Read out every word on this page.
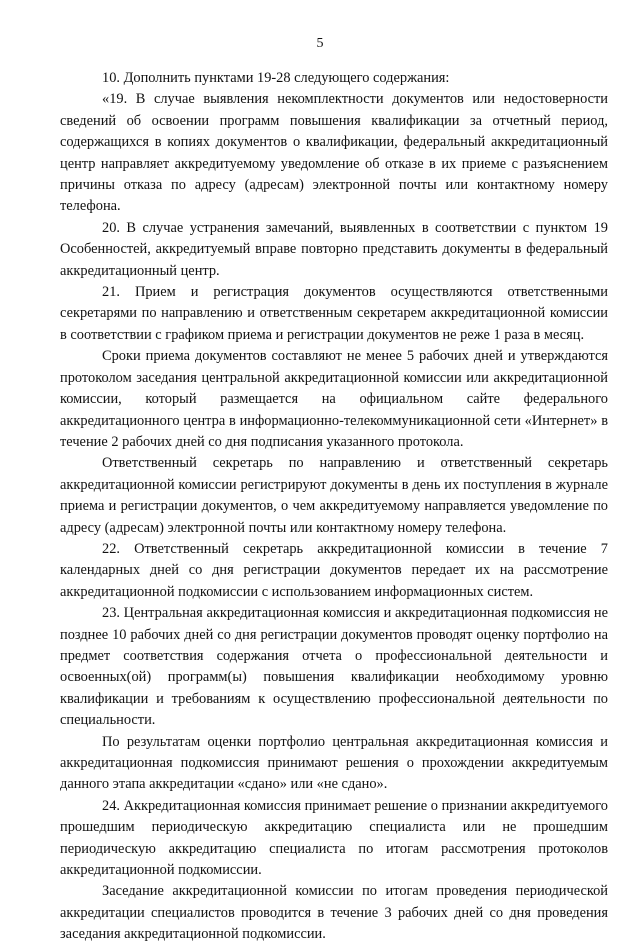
5

10. Дополнить пунктами 19-28 следующего содержания:

«19. В случае выявления некомплектности документов или недостоверности сведений об освоении программ повышения квалификации за отчетный период, содержащихся в копиях документов о квалификации, федеральный аккредитационный центр направляет аккредитуемому уведомление об отказе в их приеме с разъяснением причины отказа по адресу (адресам) электронной почты или контактному номеру телефона.

20. В случае устранения замечаний, выявленных в соответствии с пунктом 19 Особенностей, аккредитуемый вправе повторно представить документы в федеральный аккредитационный центр.

21. Прием и регистрация документов осуществляются ответственными секретарями по направлению и ответственным секретарем аккредитационной комиссии в соответствии с графиком приема и регистрации документов не реже 1 раза в месяц.

Сроки приема документов составляют не менее 5 рабочих дней и утверждаются протоколом заседания центральной аккредитационной комиссии или аккредитационной комиссии, который размещается на официальном сайте федерального аккредитационного центра в информационно-телекоммуникационной сети «Интернет» в течение 2 рабочих дней со дня подписания указанного протокола.

Ответственный секретарь по направлению и ответственный секретарь аккредитационной комиссии регистрируют документы в день их поступления в журнале приема и регистрации документов, о чем аккредитуемому направляется уведомление по адресу (адресам) электронной почты или контактному номеру телефона.

22. Ответственный секретарь аккредитационной комиссии в течение 7 календарных дней со дня регистрации документов передает их на рассмотрение аккредитационной подкомиссии с использованием информационных систем.

23. Центральная аккредитационная комиссия и аккредитационная подкомиссия не позднее 10 рабочих дней со дня регистрации документов проводят оценку портфолио на предмет соответствия содержания отчета о профессиональной деятельности и освоенных(ой) программ(ы) повышения квалификации необходимому уровню квалификации и требованиям к осуществлению профессиональной деятельности по специальности.

По результатам оценки портфолио центральная аккредитационная комиссия и аккредитационная подкомиссия принимают решения о прохождении аккредитуемым данного этапа аккредитации «сдано» или «не сдано».

24. Аккредитационная комиссия принимает решение о признании аккредитуемого прошедшим периодическую аккредитацию специалиста или не прошедшим периодическую аккредитацию специалиста по итогам рассмотрения протоколов аккредитационной подкомиссии.

Заседание аккредитационной комиссии по итогам проведения периодической аккредитации специалистов проводится в течение 3 рабочих дней со дня проведения заседания аккредитационной подкомиссии.
